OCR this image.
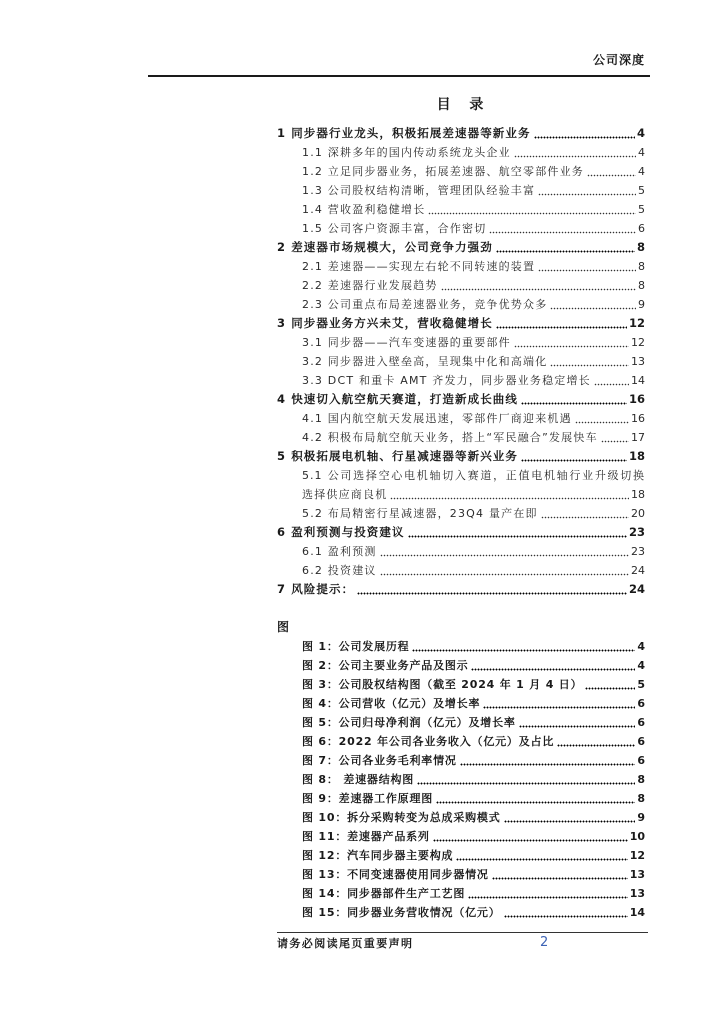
公司深度
目 录
1 同步器行业龙头，积极拓展差速器等新业务	4
1.1 深耕多年的国内传动系统龙头企业	4
1.2 立足同步器业务，拓展差速器、航空零部件业务	4
1.3 公司股权结构清晰，管理团队经验丰富	5
1.4 营收盈利稳健增长	5
1.5 公司客户资源丰富，合作密切	6
2 差速器市场规模大，公司竞争力强劲	8
2.1 差速器——实现左右轮不同转速的装置	8
2.2 差速器行业发展趋势	8
2.3 公司重点布局差速器业务，竞争优势众多	9
3 同步器业务方兴未艾，营收稳健增长	12
3.1 同步器——汽车变速器的重要部件	12
3.2 同步器进入壁垒高，呈现集中化和高端化	13
3.3 DCT 和重卡 AMT 齐发力，同步器业务稳定增长	14
4 快速切入航空航天赛道，打造新成长曲线	16
4.1 国内航空航天发展迅速，零部件厂商迎来机遇	16
4.2 积极布局航空航天业务，搭上“军民融合”发展快车	17
5 积极拓展电机轴、行星减速器等新兴业务	18
5.1 公司选择空心电机轴切入赛道，正值电机轴行业升级切换
选择供应商良机	18
5.2 布局精密行星减速器，23Q4 量产在即	20
6 盈利预测与投资建议	23
6.1 盈利预测	23
6.2 投资建议	24
7 风险提示：	24
图
图 1：公司发展历程	4
图 2：公司主要业务产品及图示	4
图 3：公司股权结构图（截至 2024 年 1 月 4 日）	5
图 4：公司营收（亿元）及增长率	6
图 5：公司归母净利润（亿元）及增长率	6
图 6：2022 年公司各业务收入（亿元）及占比	6
图 7：公司各业务毛利率情况	6
图 8： 差速器结构图	8
图 9：差速器工作原理图	8
图 10：拆分采购转变为总成采购模式	9
图 11：差速器产品系列	10
图 12：汽车同步器主要构成	12
图 13：不同变速器使用同步器情况	13
图 14：同步器部件生产工艺图	13
图 15：同步器业务营收情况（亿元）	14
请务必阅读尾页重要声明	2
